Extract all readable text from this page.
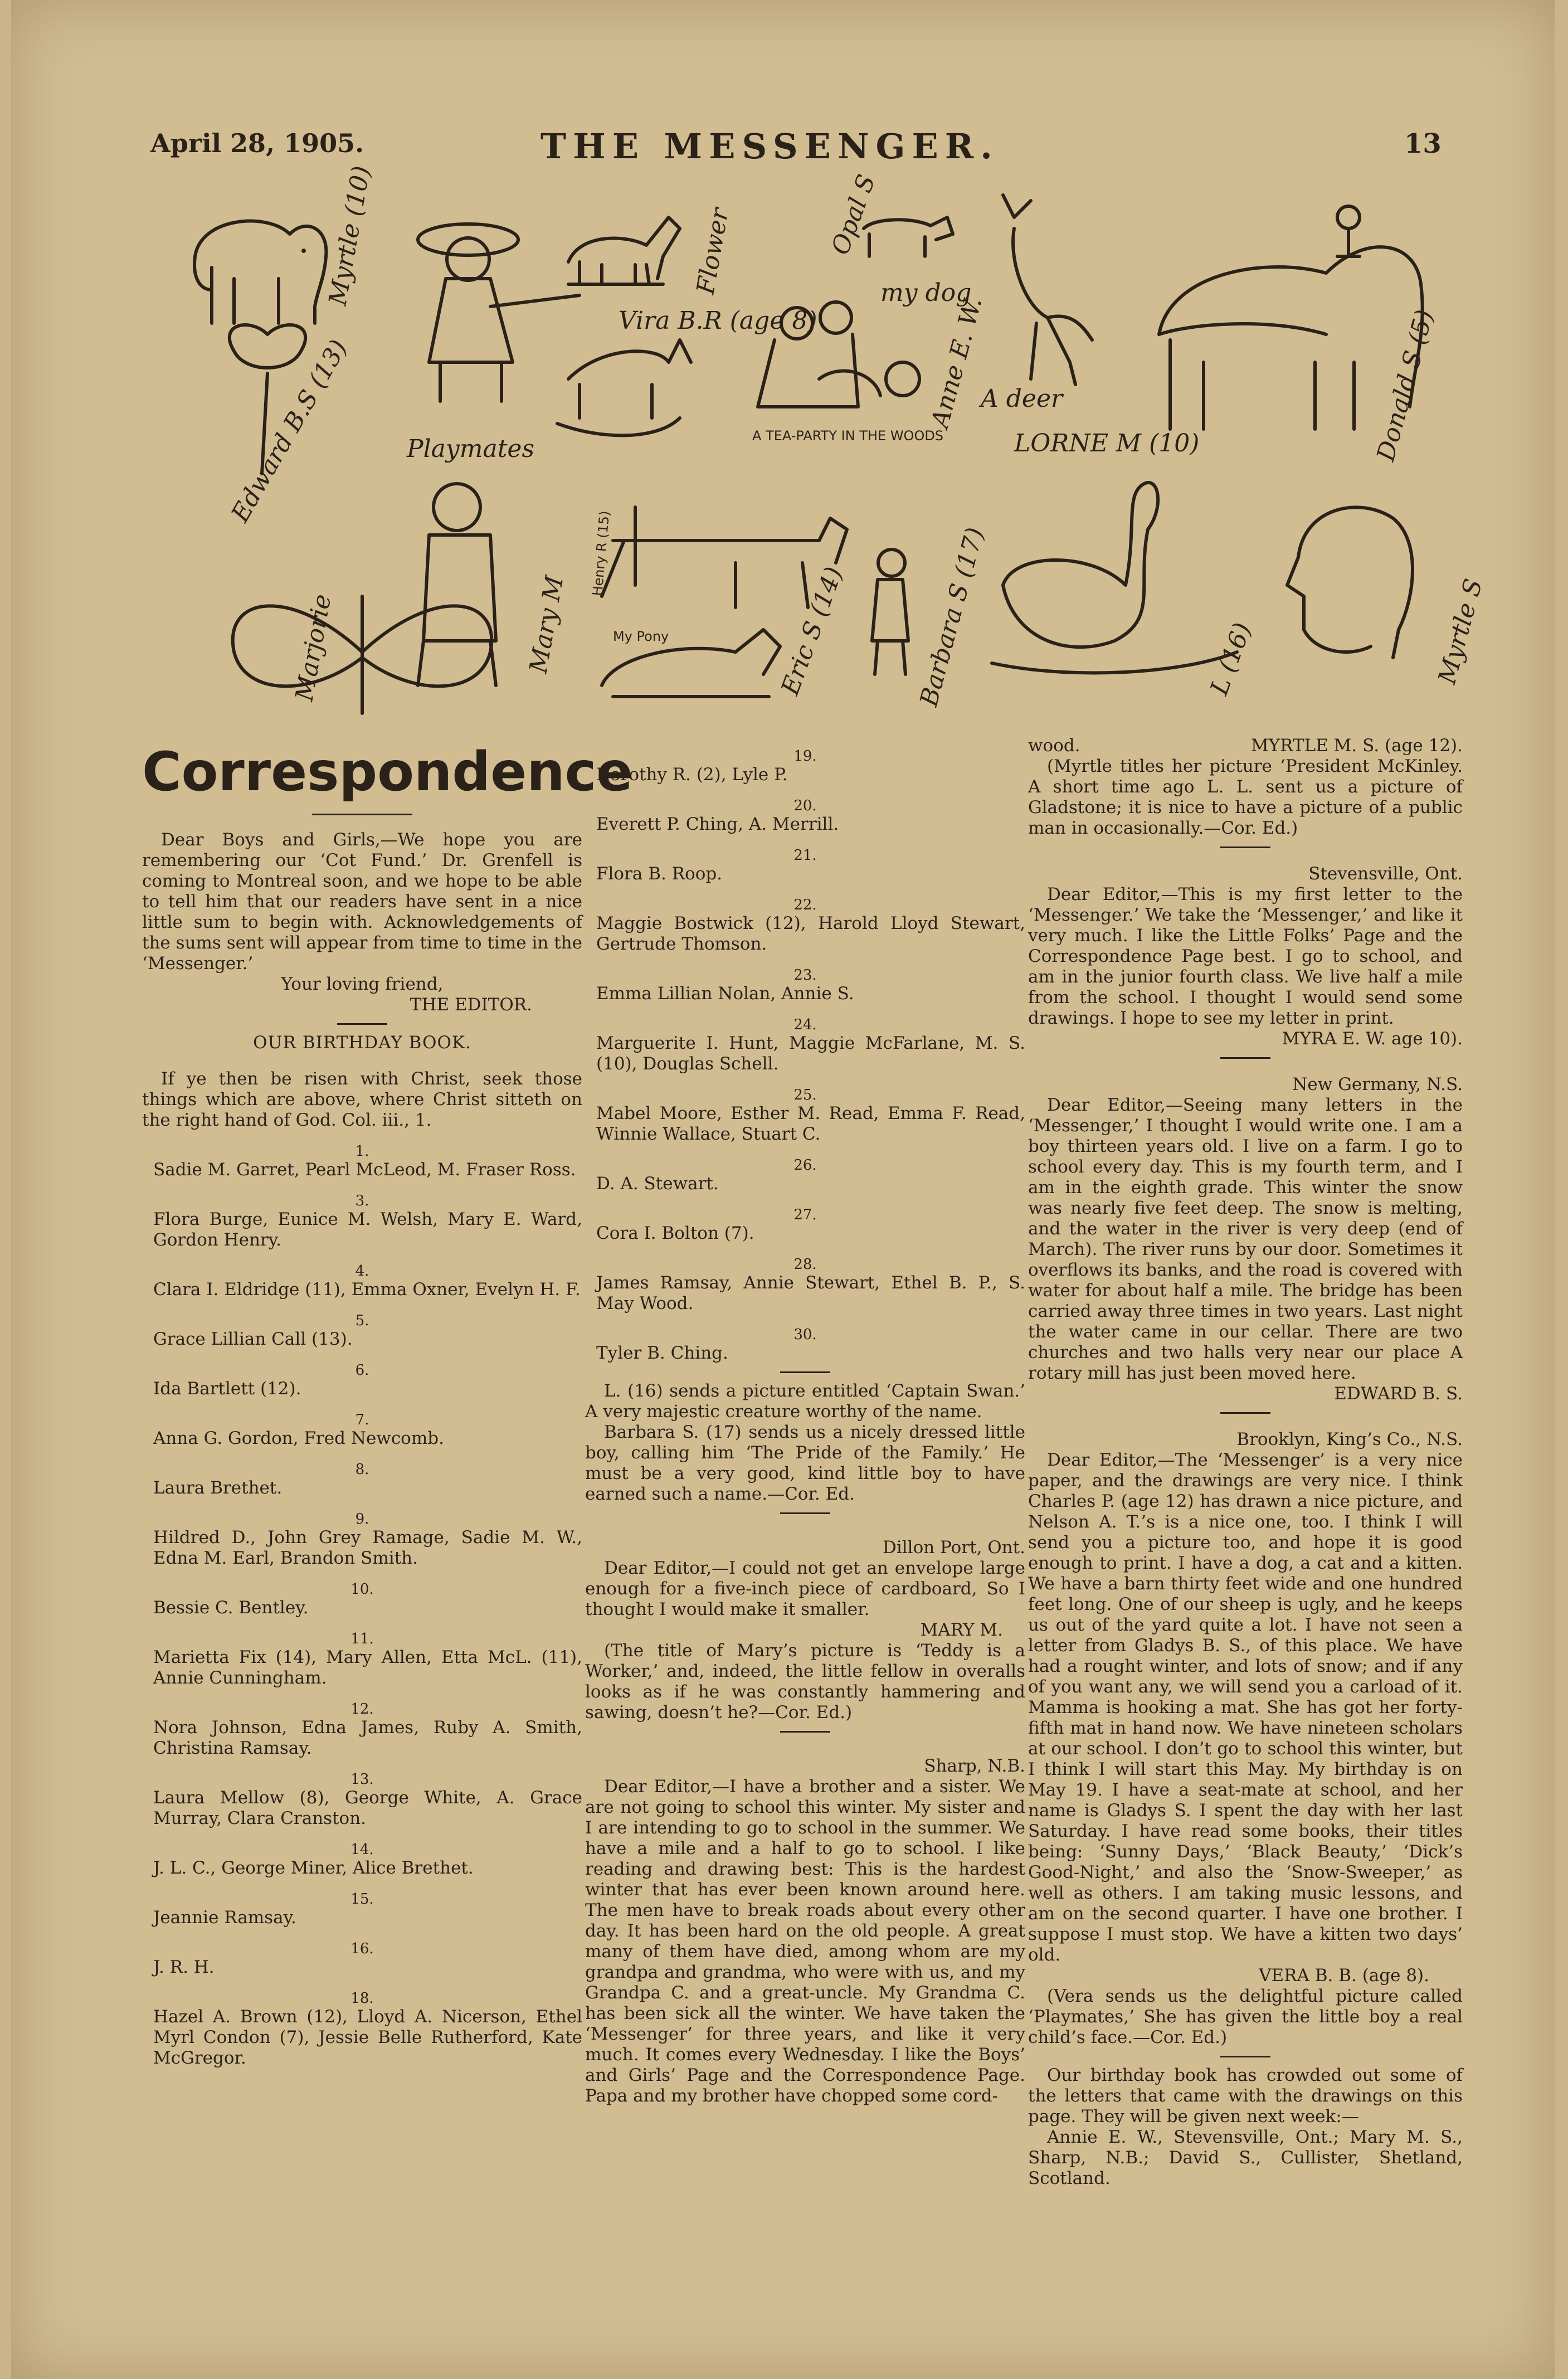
April 28, 1905.	THE MESSENGER.	13
Myrtle (10)
Vira B.R (age 8)
Flower
A TEA-PARTY IN THE WOODS
Opal S
my dog
Anne E. W.
A deer
LORNE M (10)	Donald S (5)
Edward B.S (13) Playmates
Mary M
Henry R (15)
My Pony	Eric S (14)	Barbara S (17)	L (16)	Myrtle S
Marjorie
Correspondence

Dear Boys and Girls,—We hope you are remembering our ‘Cot Fund.’ Dr. Grenfell is coming to Montreal soon, and we hope to be able to tell him that our readers have sent in a nice little sum to begin with. Acknowledgements of the sums sent will appear from time to time in the ‘Messenger.’

Your loving friend,

THE EDITOR.

OUR BIRTHDAY BOOK.

If ye then be risen with Christ, seek those things which are above, where Christ sitteth on the right hand of God. Col. iii., 1.

1.

Sadie M. Garret, Pearl McLeod, M. Fraser Ross.

3.

Flora Burge, Eunice M. Welsh, Mary E. Ward, Gordon Henry.

4.

Clara I. Eldridge (11), Emma Oxner, Evelyn H. F.

5.

Grace Lillian Call (13).

6.

Ida Bartlett (12).

7.

Anna G. Gordon, Fred Newcomb.

8.

Laura Brethet.

9.

Hildred D., John Grey Ramage, Sadie M. W., Edna M. Earl, Brandon Smith.

10.

Bessie C. Bentley.

11.

Marietta Fix (14), Mary Allen, Etta McL. (11), Annie Cunningham.

12.

Nora Johnson, Edna James, Ruby A. Smith, Christina Ramsay.

13.

Laura Mellow (8), George White, A. Grace Murray, Clara Cranston.

14.

J. L. C., George Miner, Alice Brethet.

15.

Jeannie Ramsay.

16.

J. R. H.

18.

Hazel A. Brown (12), Lloyd A. Nicerson, Ethel Myrl Condon (7), Jessie Belle Rutherford, Kate McGregor.

19.

Dorothy R. (2), Lyle P.

20.

Everett P. Ching, A. Merrill.

21.

Flora B. Roop.

22.

Maggie Bostwick (12), Harold Lloyd Stewart, Gertrude Thomson.

23.

Emma Lillian Nolan, Annie S.

24.

Marguerite I. Hunt, Maggie McFarlane, M. S. (10), Douglas Schell.

25.

Mabel Moore, Esther M. Read, Emma F. Read, Winnie Wallace, Stuart C.

26.

D. A. Stewart.

27.

Cora I. Bolton (7).

28.

James Ramsay, Annie Stewart, Ethel B. P., S. May Wood.

30.

Tyler B. Ching.

L. (16) sends a picture entitled ‘Captain Swan.’ A very majestic creature worthy of the name.

Barbara S. (17) sends us a nicely dressed little boy, calling him ‘The Pride of the Family.’ He must be a very good, kind little boy to have earned such a name.—Cor. Ed.

Dillon Port, Ont.

Dear Editor,—I could not get an envelope large enough for a five-inch piece of cardboard, So I thought I would make it smaller.

MARY M.

(The title of Mary’s picture is ‘Teddy is a Worker,’ and, indeed, the little fellow in overalls looks as if he was constantly hammering and sawing, doesn’t he?—Cor. Ed.)

Sharp, N.B.

Dear Editor,—I have a brother and a sister. We are not going to school this winter. My sister and I are intending to go to school in the summer. We have a mile and a half to go to school. I like reading and drawing best: This is the hardest winter that has ever been known around here. The men have to break roads about every other day. It has been hard on the old people. A great many of them have died, among whom are my grandpa and grandma, who were with us, and my Grandpa C. and a great-uncle. My Grandma C. has been sick all the winter. We have taken the ‘Messenger’ for three years, and like it very much. It comes every Wednesday. I like the Boys’ and Girls’ Page and the Correspondence Page. Papa and my brother have chopped some cord-

wood.	MYRTLE M. S. (age 12).

(Myrtle titles her picture ‘President McKinley. A short time ago L. L. sent us a picture of Gladstone; it is nice to have a picture of a public man in occasionally.—Cor. Ed.)

Stevensville, Ont.

Dear Editor,—This is my first letter to the ‘Messenger.’ We take the ‘Messenger,’ and like it very much. I like the Little Folks’ Page and the Correspondence Page best. I go to school, and am in the junior fourth class. We live half a mile from the school. I thought I would send some drawings. I hope to see my letter in print.

MYRA E. W. age 10).

New Germany, N.S.

Dear Editor,—Seeing many letters in the ‘Messenger,’ I thought I would write one. I am a boy thirteen years old. I live on a farm. I go to school every day. This is my fourth term, and I am in the eighth grade. This winter the snow was nearly five feet deep. The snow is melting, and the water in the river is very deep (end of March). The river runs by our door. Sometimes it overflows its banks, and the road is covered with water for about half a mile. The bridge has been carried away three times in two years. Last night the water came in our cellar. There are two churches and two halls very near our place A rotary mill has just been moved here.

EDWARD B. S.

Brooklyn, King’s Co., N.S.

Dear Editor,—The ‘Messenger’ is a very nice paper, and the drawings are very nice. I think Charles P. (age 12) has drawn a nice picture, and Nelson A. T.’s is a nice one, too. I think I will send you a picture too, and hope it is good enough to print. I have a dog, a cat and a kitten. We have a barn thirty feet wide and one hundred feet long. One of our sheep is ugly, and he keeps us out of the yard quite a lot. I have not seen a letter from Gladys B. S., of this place. We have had a rought winter, and lots of snow; and if any of you want any, we will send you a carload of it. Mamma is hooking a mat. She has got her forty-fifth mat in hand now. We have nineteen scholars at our school. I don’t go to school this winter, but I think I will start this May. My birthday is on May 19. I have a seat-mate at school, and her name is Gladys S. I spent the day with her last Saturday. I have read some books, their titles being: ‘Sunny Days,’ ‘Black Beauty,’ ‘Dick’s Good-Night,’ and also the ‘Snow-Sweeper,’ as well as others. I am taking music lessons, and am on the second quarter. I have one brother. I suppose I must stop. We have a kitten two days’ old.

VERA B. B. (age 8).

(Vera sends us the delightful picture called ‘Playmates,’ She has given the little boy a real child’s face.—Cor. Ed.)

Our birthday book has crowded out some of the letters that came with the drawings on this page. They will be given next week:—

Annie E. W., Stevensville, Ont.; Mary M. S., Sharp, N.B.; David S., Cullister, Shetland, Scotland.
